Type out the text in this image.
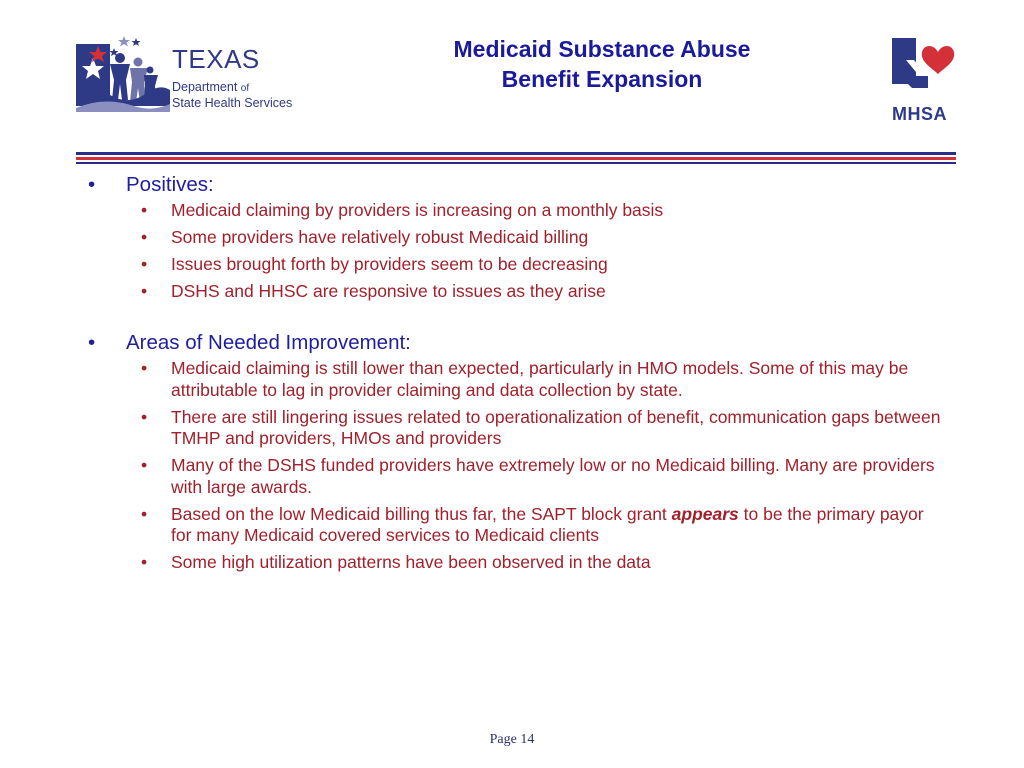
TEXAS
Department of
State Health Services
Medicaid Substance Abuse
Benefit Expansion
MHSA
• Positives:
• Medicaid claiming by providers is increasing on a monthly basis
• Some providers have relatively robust Medicaid billing
• Issues brought forth by providers seem to be decreasing
• DSHS and HHSC are responsive to issues as they arise
• Areas of Needed Improvement:
• Medicaid claiming is still lower than expected, particularly in HMO models. Some of this may be attributable to lag in provider claiming and data collection by state.
• There are still lingering issues related to operationalization of benefit, communication gaps between TMHP and providers, HMOs and providers
• Many of the DSHS funded providers have extremely low or no Medicaid billing. Many are providers with large awards.
• Based on the low Medicaid billing thus far, the SAPT block grant appears to be the primary payor for many Medicaid covered services to Medicaid clients
• Some high utilization patterns have been observed in the data
Page 14
